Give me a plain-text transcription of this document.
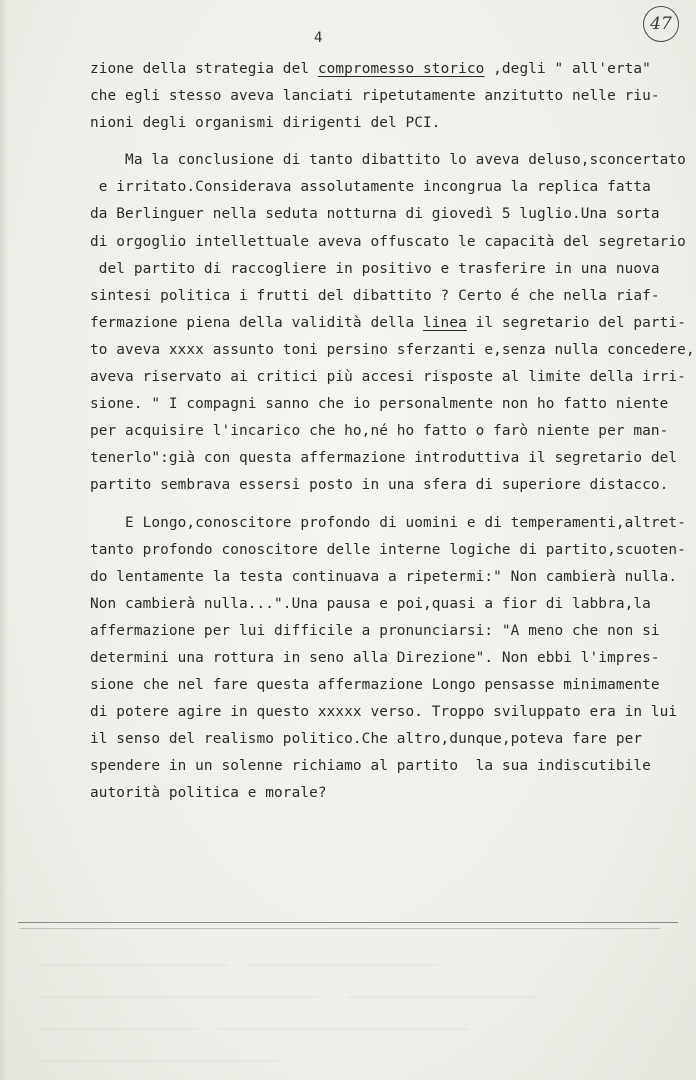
4
47
zione della strategia del compromesso storico ,degli " all'erta"
che egli stesso aveva lanciati ripetutamente anzitutto nelle riu-
nioni degli organismi dirigenti del PCI.
Ma la conclusione di tanto dibattito lo aveva deluso,sconcertato
e irritato.Considerava assolutamente incongrua la replica fatta
da Berlinguer nella seduta notturna di giovedì 5 luglio.Una sorta
di orgoglio intellettuale aveva offuscato le capacità del segretario
del partito di raccogliere in positivo e trasferire in una nuova
sintesi politica i frutti del dibattito ? Certo é che nella riaf-
fermazione piena della validità della linea il segretario del parti-
to aveva xxxx assunto toni persino sferzanti e,senza nulla concedere,
aveva riservato ai critici più accesi risposte al limite della irri-
sione. " I compagni sanno che io personalmente non ho fatto niente
per acquisire l'incarico che ho,né ho fatto o farò niente per man-
tenerlo":già con questa affermazione introduttiva il segretario del
partito sembrava essersi posto in una sfera di superiore distacco.
E Longo,conoscitore profondo di uomini e di temperamenti,altret-
tanto profondo conoscitore delle interne logiche di partito,scuoten-
do lentamente la testa continuava a ripetermi:" Non cambierà nulla.
Non cambierà nulla...".Una pausa e poi,quasi a fior di labbra,la
affermazione per lui difficile a pronunciarsi: "A meno che non si
determini una rottura in seno alla Direzione". Non ebbi l'impres-
sione che nel fare questa affermazione Longo pensasse minimamente
di potere agire in questo xxxxx verso. Troppo sviluppato era in lui
il senso del realismo politico.Che altro,dunque,poteva fare per
spendere in un solenne richiamo al partito  la sua indiscutibile
autorità politica e morale?
